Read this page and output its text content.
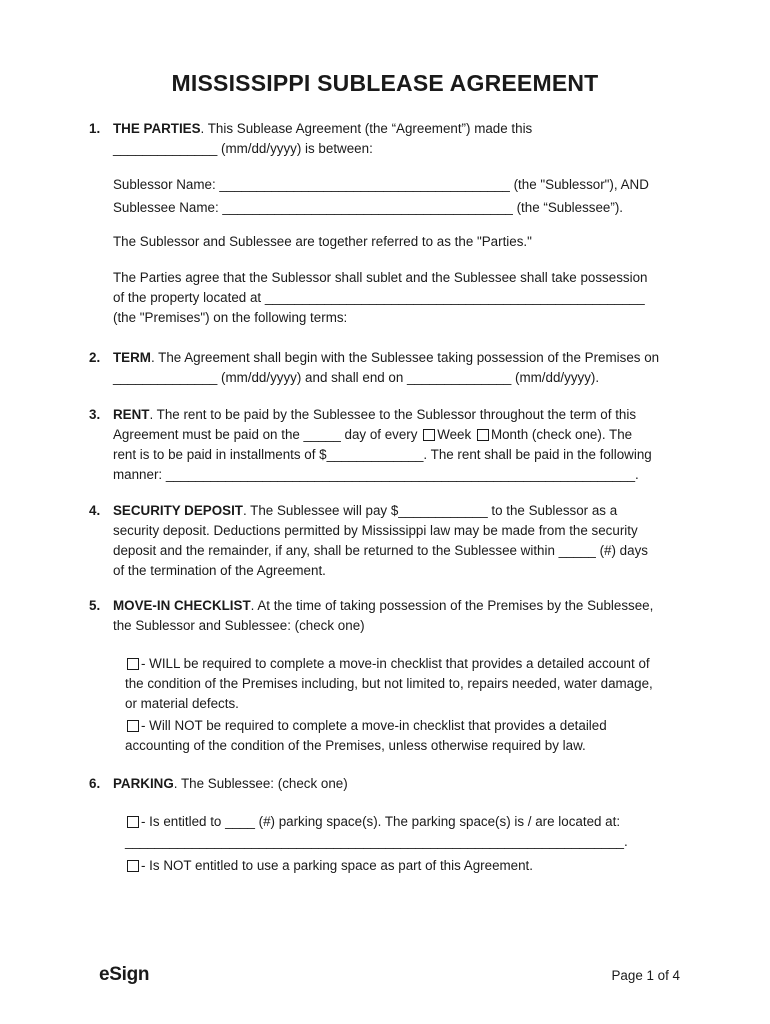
MISSISSIPPI SUBLEASE AGREEMENT
1. THE PARTIES. This Sublease Agreement (the “Agreement”) made this

______________ (mm/dd/yyyy) is between:

Sublessor Name: _______________________________________ (the "Sublessor"), AND

Sublessee Name: _______________________________________ (the “Sublessee”).

The Sublessor and Sublessee are together referred to as the "Parties."

The Parties agree that the Sublessor shall sublet and the Sublessee shall take possession

of the property located at ___________________________________________________

(the "Premises") on the following terms:

2. TERM. The Agreement shall begin with the Sublessee taking possession of the Premises on

______________ (mm/dd/yyyy) and shall end on ______________ (mm/dd/yyyy).

3. RENT. The rent to be paid by the Sublessee to the Sublessor throughout the term of this

Agreement must be paid on the _____ day of every Week Month (check one). The

rent is to be paid in installments of $_____________. The rent shall be paid in the following

manner: _______________________________________________________________.

4. SECURITY DEPOSIT. The Sublessee will pay $____________ to the Sublessor as a

security deposit. Deductions permitted by Mississippi law may be made from the security

deposit and the remainder, if any, shall be returned to the Sublessee within _____ (#) days

of the termination of the Agreement.

5. MOVE-IN CHECKLIST. At the time of taking possession of the Premises by the Sublessee,

the Sublessor and Sublessee: (check one)

- WILL be required to complete a move-in checklist that provides a detailed account of

the condition of the Premises including, but not limited to, repairs needed, water damage,

or material defects.

- Will NOT be required to complete a move-in checklist that provides a detailed

accounting of the condition of the Premises, unless otherwise required by law.

6. PARKING. The Sublessee: (check one)

- Is entitled to ____ (#) parking space(s). The parking space(s) is / are located at:

___________________________________________________________________.

- Is NOT entitled to use a parking space as part of this Agreement.

eSign	Page 1 of 4
